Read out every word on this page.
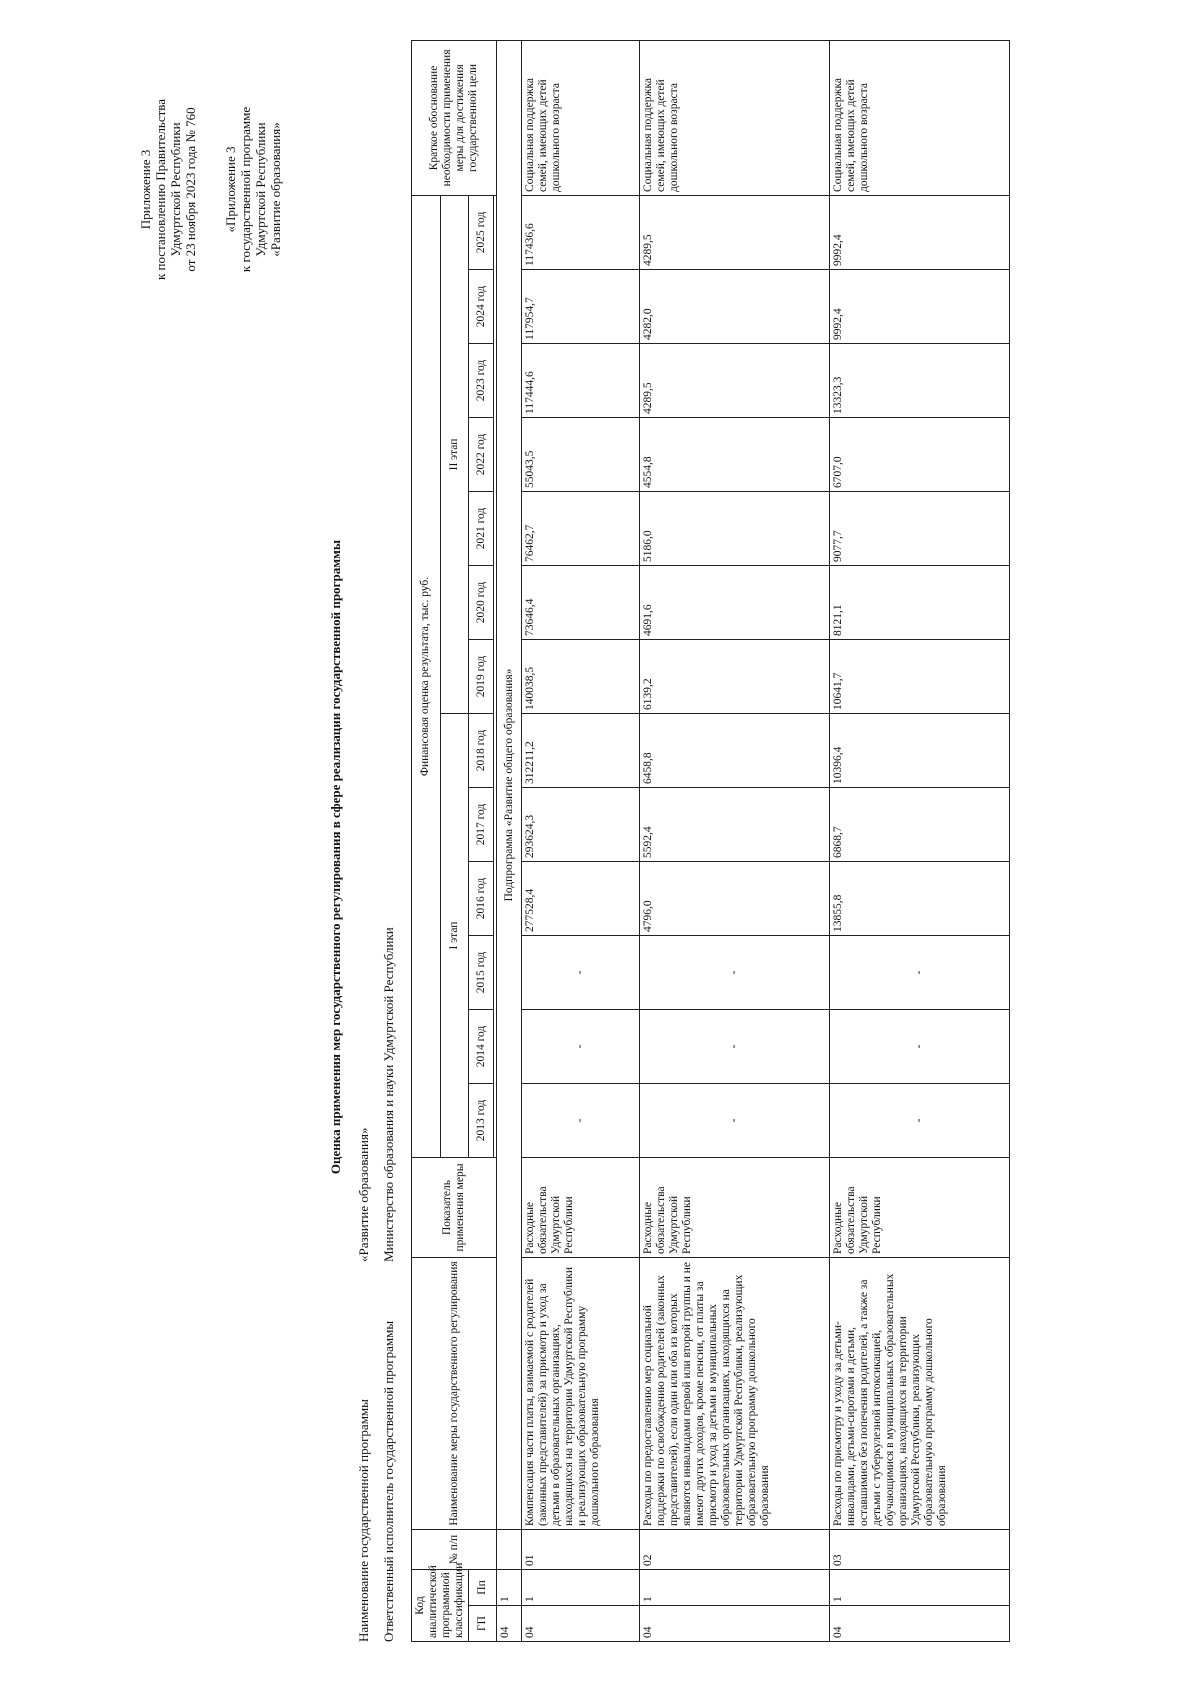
Приложение 3 к постановлению Правительства Удмуртской Республики от 23 ноября 2023 года № 760 «Приложение 3 к государственной программе Удмуртской Республики «Развитие образования»
Оценка применения мер государственного регулирования в сфере реализации государственной программы
Наименование государственной программы
«Развитие образования»
Ответственный исполнитель государственной программы
Министерство образования и науки Удмуртской Республики
Код аналитической программной классификации		№ п/п	Наименование меры государственного регулирования	Показатель применения меры	Финансовая оценка результата, тыс. руб.													Краткое обоснование необходимости применения меры для достижения государственной цели
					I этап						II этап							
ГП	Пп				2013 год	2014 год	2015 год	2016 год	2017 год	2018 год	2019 год	2020 год	2021 год	2022 год	2023 год	2024 год	2025 год	

04	1		Подпрограмма «Развитие общего образования»															
04	1	01	Компенсация части платы, взимаемой с родителей (законных представителей) за присмотр и уход за детьми в образовательных организациях, находящихся на территории Удмуртской Республики и реализующих образовательную программу дошкольного образования	Расходные обязательства Удмуртской Республики	-	-	-	277528,4	293624,3	312211,2	140038,5	73646,4	76462,7	55043,5	117444,6	117954,7	117436,6	Социальная поддержка семей, имеющих детей дошкольного возраста
04	1	02	Расходы по предоставлению мер социальной поддержки по освобождению родителей (законных представителей), если один или оба из которых являются инвалидами первой или второй группы и не имеют других доходов, кроме пенсии, от платы за присмотр и уход за детьми в муниципальных образовательных организациях, находящихся на территории Удмуртской Республики, реализующих образовательную программу дошкольного образования	Расходные обязательства Удмуртской Республики	-	-	-	4796,0	5592,4	6458,8	6139,2	4691,6	5186,0	4554,8	4289,5	4282,0	4289,5	Социальная поддержка семей, имеющих детей дошкольного возраста
04	1	03	Расходы по присмотру и уходу за детьми-инвалидами, детьми-сиротами и детьми, оставшимися без попечения родителей, а также за детьми с туберкулезной интоксикацией, обучающимися в муниципальных образовательных организациях, находящихся на территории Удмуртской Республики, реализующих образовательную программу дошкольного образования	Расходные обязательства Удмуртской Республики	-	-	-	13855,8	6868,7	10396,4	10641,7	8121,1	9077,7	6707,0	13323,3	9992,4	9992,4	Социальная поддержка семей, имеющих детей дошкольного возраста
